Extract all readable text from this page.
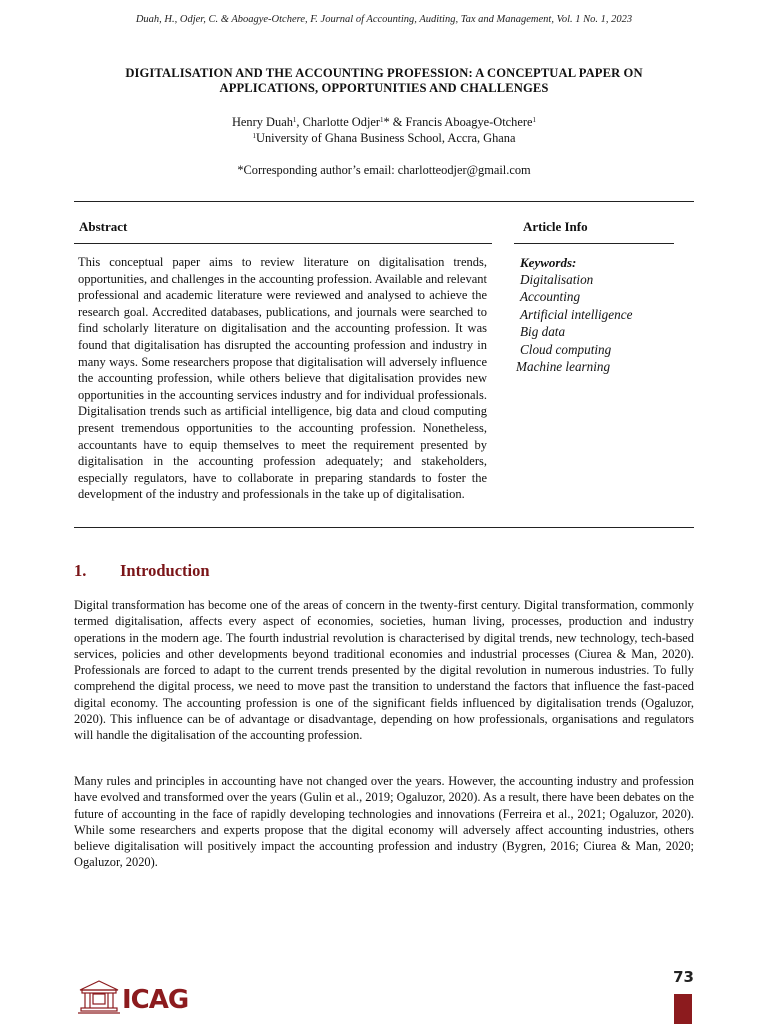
Duah, H., Odjer, C. & Aboagye-Otchere, F. Journal of Accounting, Auditing, Tax and Management, Vol. 1 No. 1, 2023
DIGITALISATION AND THE ACCOUNTING PROFESSION: A CONCEPTUAL PAPER ON APPLICATIONS, OPPORTUNITIES AND CHALLENGES
Henry Duah$^1$, Charlotte Odjer$^1$* & Francis Aboagye-Otchere$^1$
$^1$University of Ghana Business School, Accra, Ghana
*Corresponding author’s email: charlotteodjer@gmail.com
Abstract	Article Info
This conceptual paper aims to review literature on digitalisation trends, opportunities, and challenges in the accounting profession. Available and relevant professional and academic literature were reviewed and analysed to achieve the research goal. Accredited databases, publications, and journals were searched to find scholarly literature on digitalisation and the accounting profession. It was found that digitalisation has disrupted the accounting profession and industry in many ways. Some researchers propose that digitalisation will adversely influence the accounting profession, while others believe that digitalisation provides new opportunities in the accounting services industry and for individual professionals. Digitalisation trends such as artificial intelligence, big data and cloud computing present tremendous opportunities to the accounting profession. Nonetheless, accountants have to equip themselves to meet the requirement presented by digitalisation in the accounting profession adequately; and stakeholders, especially regulators, have to collaborate in preparing standards to foster the development of the industry and professionals in the take up of digitalisation.
Keywords:
Digitalisation
Accounting
Artificial intelligence
Big data
Cloud computing
Machine learning
1. Introduction

Digital transformation has become one of the areas of concern in the twenty-first century. Digital transformation, commonly termed digitalisation, affects every aspect of economies, societies, human living, processes, production and industry operations in the modern age. The fourth industrial revolution is characterised by digital trends, new technology, tech-based services, policies and other developments beyond traditional economies and industrial processes (Ciurea & Man, 2020). Professionals are forced to adapt to the current trends presented by the digital revolution in numerous industries. To fully comprehend the digital process, we need to move past the transition to understand the factors that influence the fast-paced digital economy. The accounting profession is one of the significant fields influenced by digitalisation trends (Ogaluzor, 2020). This influence can be of advantage or disadvantage, depending on how professionals, organisations and regulators will handle the digitalisation of the accounting profession.

Many rules and principles in accounting have not changed over the years. However, the accounting industry and profession have evolved and transformed over the years (Gulin et al., 2019; Ogaluzor, 2020). As a result, there have been debates on the future of accounting in the face of rapidly developing technologies and innovations (Ferreira et al., 2021; Ogaluzor, 2020). While some researchers and experts propose that the digital economy will adversely affect accounting industries, others believe digitalisation will positively impact the accounting profession and industry (Bygren, 2016; Ciurea & Man, 2020; Ogaluzor, 2020).

ICAG
73
